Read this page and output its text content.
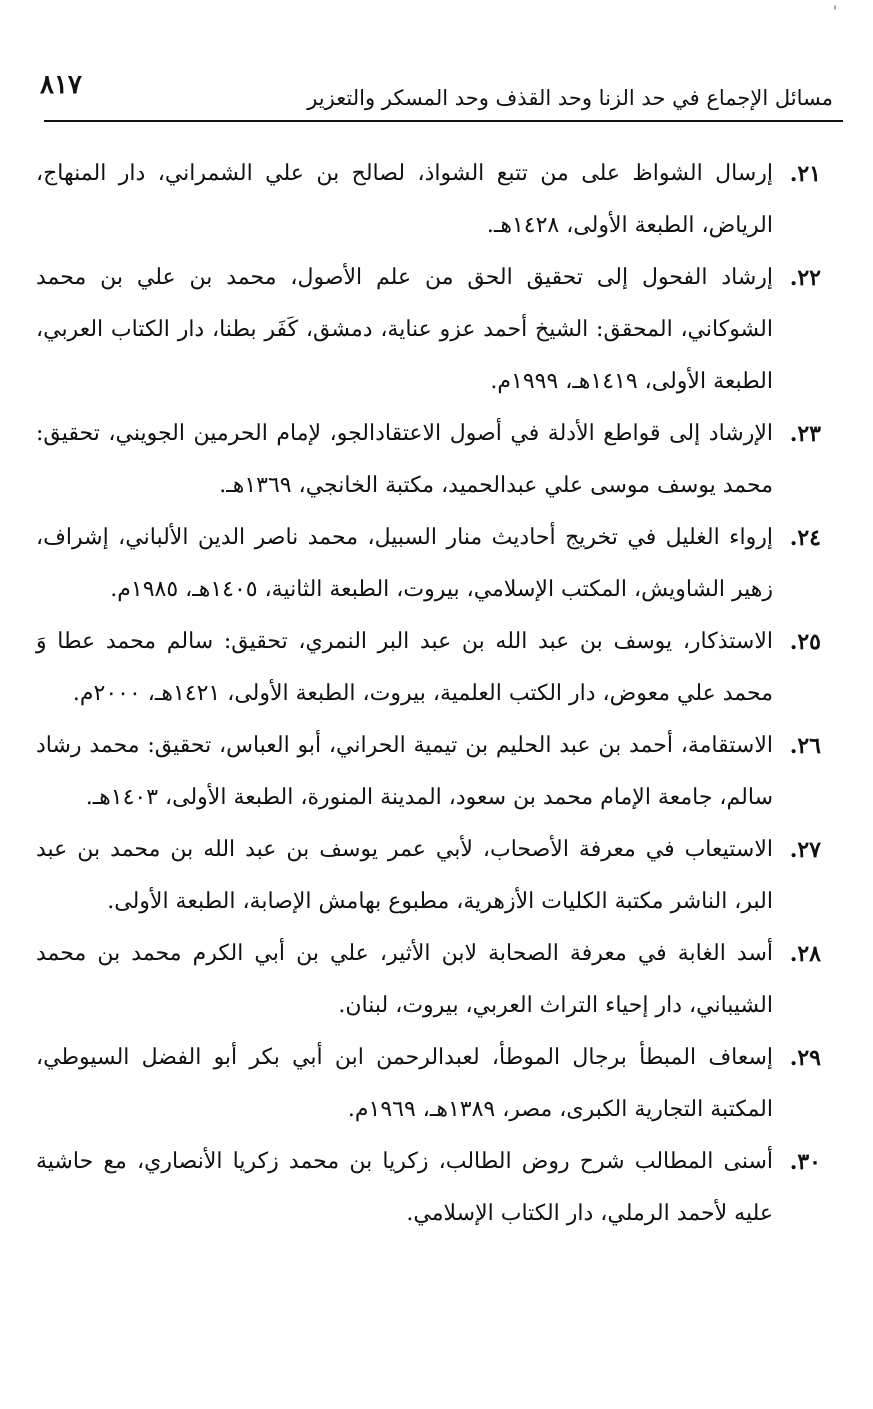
'
مسائل الإجماع في حد الزنا وحد القذف وحد المسكر والتعزير
٨١٧
٢١.
إرسال الشواظ على من تتبع الشواذ، لصالح بن علي الشمراني، دار المنهاج، الرياض، الطبعة الأولى، ١٤٢٨هـ.
٢٢.
إرشاد الفحول إلى تحقيق الحق من علم الأصول، محمد بن علي بن محمد الشوكاني، المحقق: الشيخ أحمد عزو عناية، دمشق، كَفَر بطنا، دار الكتاب العربي، الطبعة الأولى، ١٤١٩هـ، ١٩٩٩م.
٢٣.
الإرشاد إلى قواطع الأدلة في أصول الاعتقادالجو، لإمام الحرمين الجويني، تحقيق: محمد يوسف موسى علي عبدالحميد، مكتبة الخانجي، ١٣٦٩هـ.
٢٤.
إرواء الغليل في تخريج أحاديث منار السبيل، محمد ناصر الدين الألباني، إشراف، زهير الشاويش، المكتب الإسلامي، بيروت، الطبعة الثانية، ١٤٠٥هـ، ١٩٨٥م.
٢٥.
الاستذكار، يوسف بن عبد الله بن عبد البر النمري، تحقيق: سالم محمد عطا وَ محمد علي معوض، دار الكتب العلمية، بيروت، الطبعة الأولى، ١٤٢١هـ، ٢٠٠٠م.
٢٦.
الاستقامة، أحمد بن عبد الحليم بن تيمية الحراني، أبو العباس، تحقيق: محمد رشاد سالم، جامعة الإمام محمد بن سعود، المدينة المنورة، الطبعة الأولى، ١٤٠٣هـ.
٢٧.
الاستيعاب في معرفة الأصحاب، لأبي عمر يوسف بن عبد الله بن محمد بن عبد البر، الناشر مكتبة الكليات الأزهرية، مطبوع بهامش الإصابة، الطبعة الأولى.
٢٨.
أسد الغابة في معرفة الصحابة لابن الأثير، علي بن أبي الكرم محمد بن محمد الشيباني، دار إحياء التراث العربي، بيروت، لبنان.
٢٩.
إسعاف المبطأ برجال الموطأ، لعبدالرحمن ابن أبي بكر أبو الفضل السيوطي، المكتبة التجارية الكبرى، مصر، ١٣٨٩هـ، ١٩٦٩م.
٣٠.
أسنى المطالب شرح روض الطالب، زكريا بن محمد زكريا الأنصاري، مع حاشية عليه لأحمد الرملي، دار الكتاب الإسلامي.
